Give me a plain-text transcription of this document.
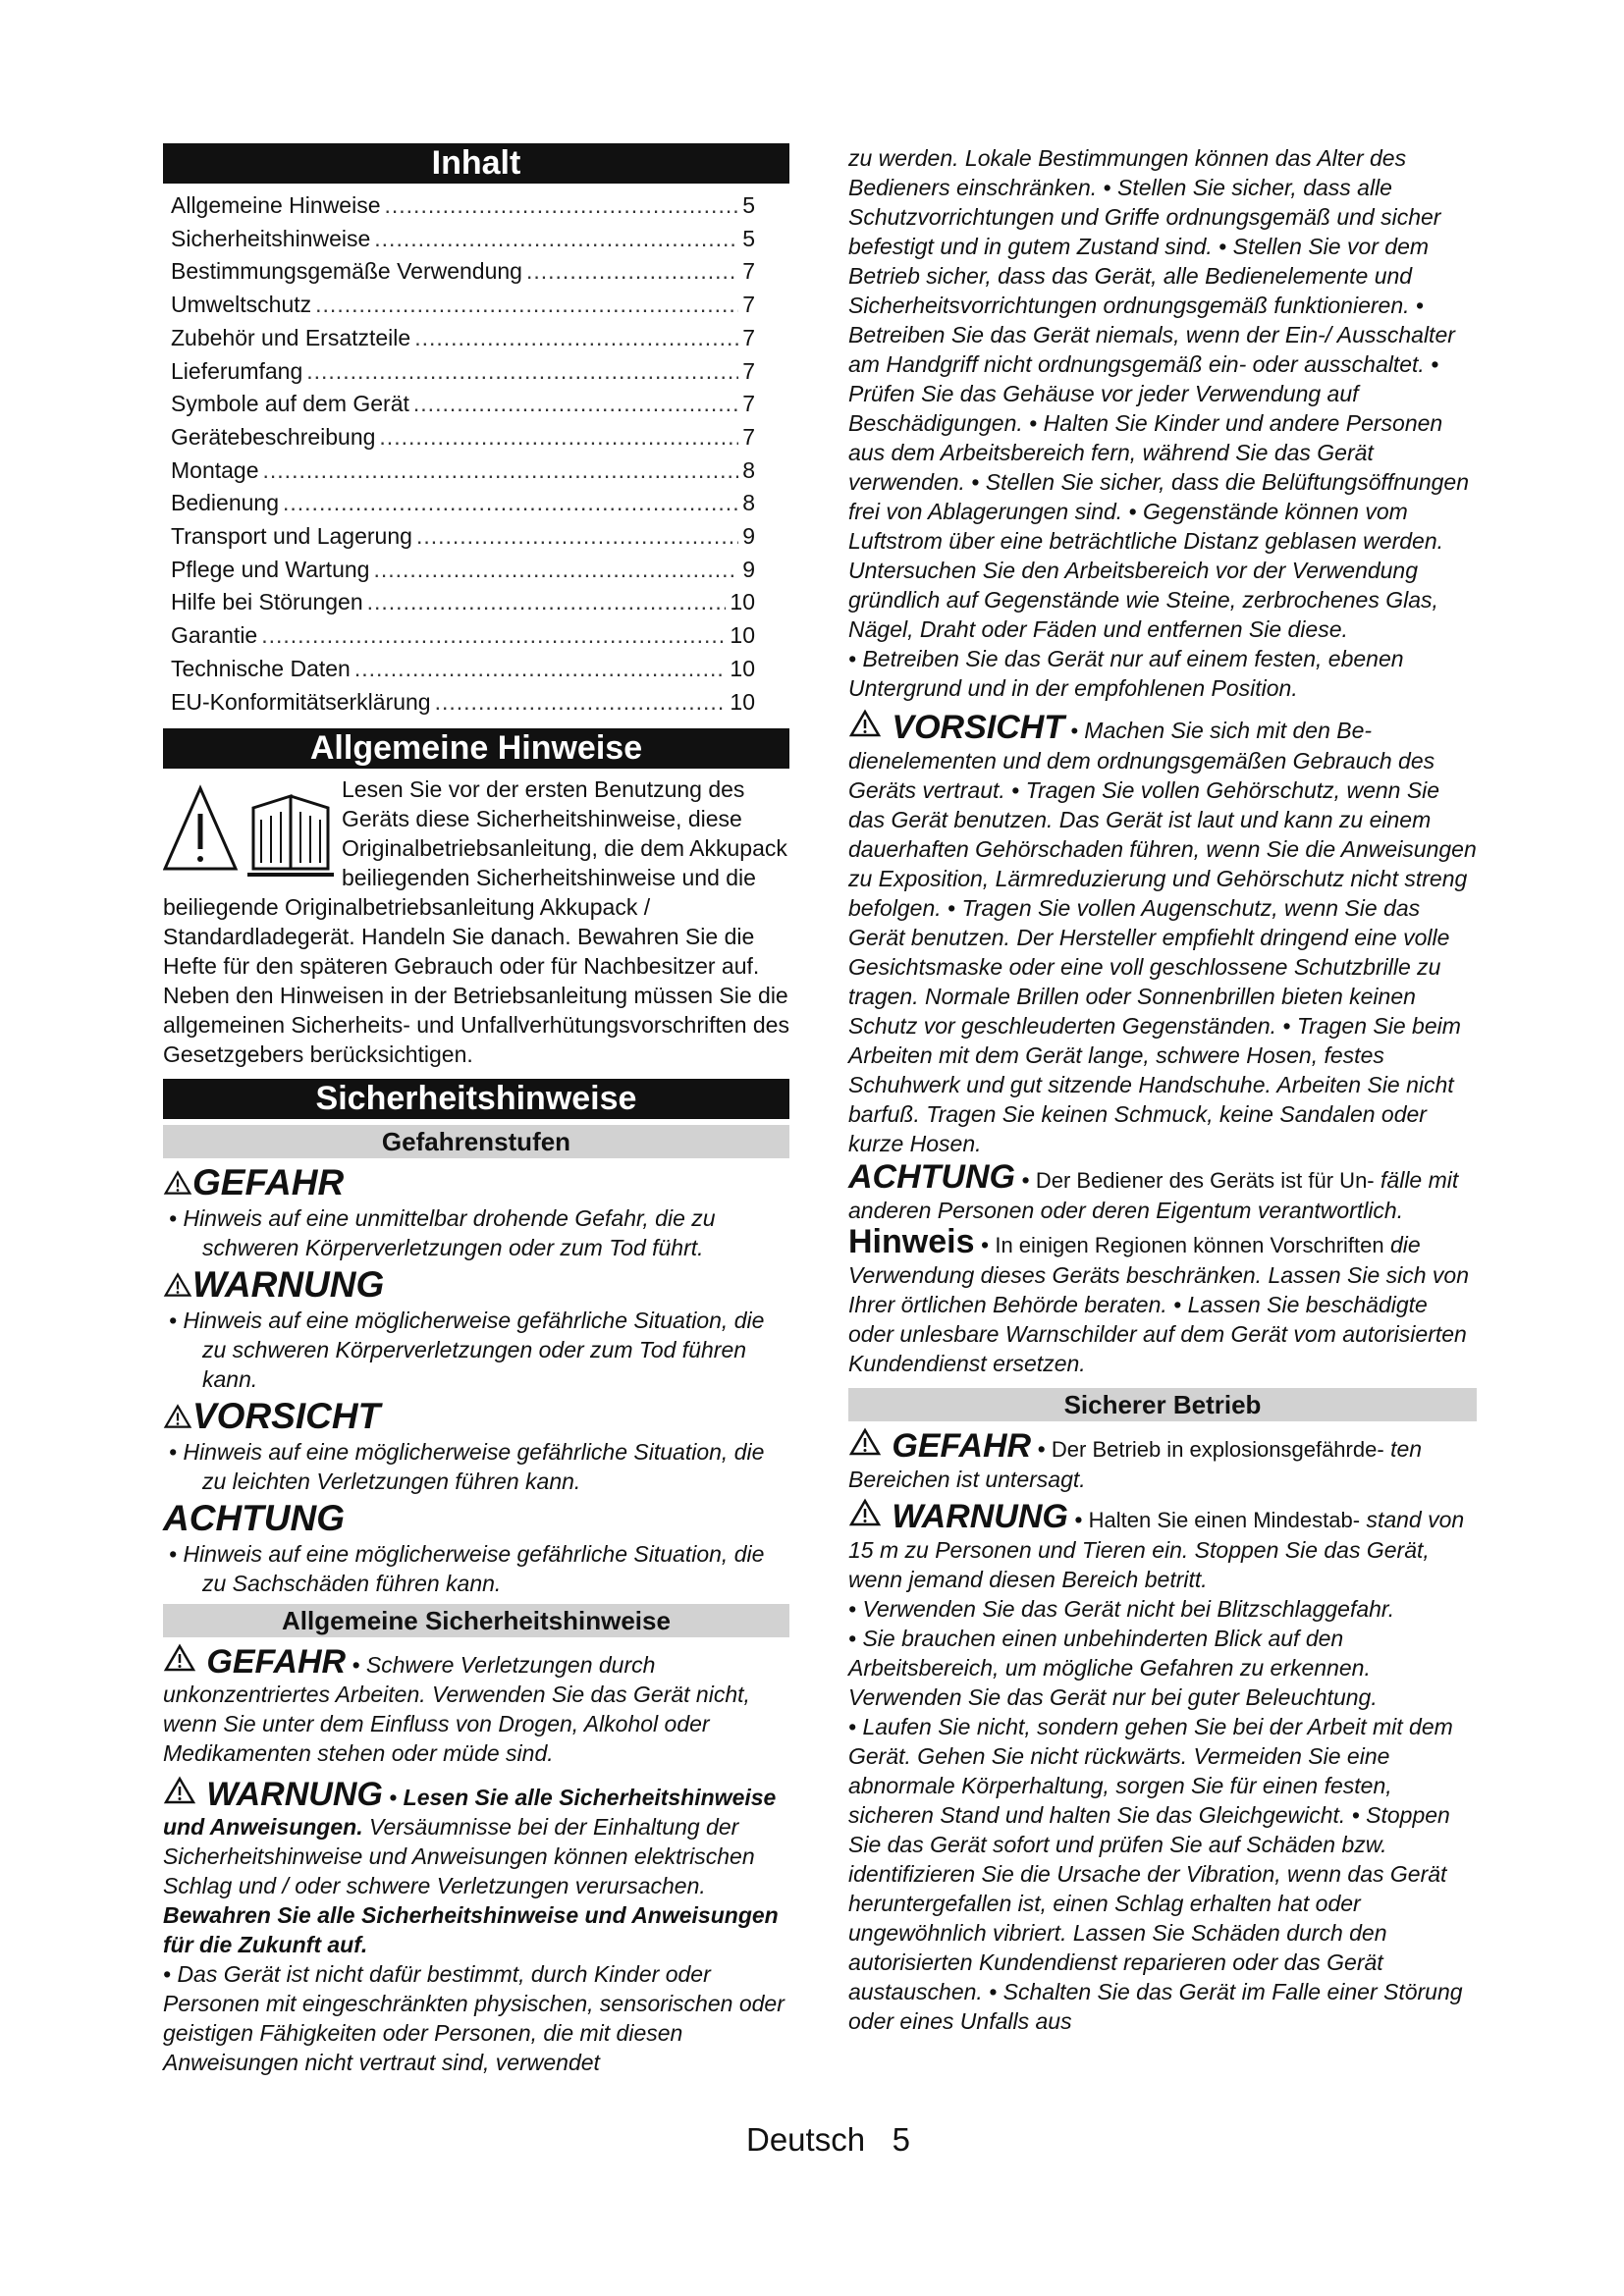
Inhalt
Allgemeine Hinweise .....	5
Sicherheitshinweise .....	5
Bestimmungsgemäße Verwendung .....	7
Umweltschutz .....	7
Zubehör und Ersatzteile .....	7
Lieferumfang .....	7
Symbole auf dem Gerät .....	7
Gerätebeschreibung .....	7
Montage .....	8
Bedienung .....	8
Transport und Lagerung .....	9
Pflege und Wartung .....	9
Hilfe bei Störungen .....	10
Garantie .....	10
Technische Daten .....	10
EU-Konformitätserklärung .....	10
Allgemeine Hinweise

Lesen Sie vor der ersten Benutzung des Geräts diese Sicherheitshinweise, diese Originalbetriebsanleitung, die dem Akkupack beiliegenden Sicherheitshinweise und die beiliegende Originalbetriebsanleitung Akkupack / Standardladegerät. Handeln Sie danach. Bewahren Sie die Hefte für den späteren Gebrauch oder für Nachbesitzer auf.

Neben den Hinweisen in der Betriebsanleitung müssen Sie die allgemeinen Sicherheits- und Unfallverhütungsvorschriften des Gesetzgebers berücksichtigen.

Sicherheitshinweise
Gefahrenstufen
GEFAHR

• Hinweis auf eine unmittelbar drohende Gefahr, die zu schweren Körperverletzungen oder zum Tod führt.

WARNUNG

• Hinweis auf eine möglicherweise gefährliche Situation, die zu schweren Körperverletzungen oder zum Tod führen kann.

VORSICHT

• Hinweis auf eine möglicherweise gefährliche Situation, die zu leichten Verletzungen führen kann.

ACHTUNG

• Hinweis auf eine möglicherweise gefährliche Situation, die zu Sachschäden führen kann.

Allgemeine Sicherheitshinweise

GEFAHR • Schwere Verletzungen durch unkonzentriertes Arbeiten. Verwenden Sie das Gerät nicht, wenn Sie unter dem Einfluss von Drogen, Alkohol oder Medikamenten stehen oder müde sind.

WARNUNG • Lesen Sie alle Sicherheitshinweise und Anweisungen. Versäumnisse bei der Einhaltung der Sicherheitshinweise und Anweisungen können elektrischen Schlag und / oder schwere Verletzungen verursachen. Bewahren Sie alle Sicherheitshinweise und Anweisungen für die Zukunft auf.

• Das Gerät ist nicht dafür bestimmt, durch Kinder oder Personen mit eingeschränkten physischen, sensorischen oder geistigen Fähigkeiten oder Personen, die mit diesen Anweisungen nicht vertraut sind, verwendet

zu werden. Lokale Bestimmungen können das Alter des Bedieners einschränken. • Stellen Sie sicher, dass alle Schutzvorrichtungen und Griffe ordnungsgemäß und sicher befestigt und in gutem Zustand sind. • Stellen Sie vor dem Betrieb sicher, dass das Gerät, alle Bedienelemente und Sicherheitsvorrichtungen ordnungsgemäß funktionieren. • Betreiben Sie das Gerät niemals, wenn der Ein-/ Ausschalter am Handgriff nicht ordnungsgemäß ein- oder ausschaltet. • Prüfen Sie das Gehäuse vor jeder Verwendung auf Beschädigungen. • Halten Sie Kinder und andere Personen aus dem Arbeitsbereich fern, während Sie das Gerät verwenden. • Stellen Sie sicher, dass die Belüftungsöffnungen frei von Ablagerungen sind. • Gegenstände können vom Luftstrom über eine beträchtliche Distanz geblasen werden. Untersuchen Sie den Arbeitsbereich vor der Verwendung gründlich auf Gegenstände wie Steine, zerbrochenes Glas, Nägel, Draht oder Fäden und entfernen Sie diese.

• Betreiben Sie das Gerät nur auf einem festen, ebenen Untergrund und in der empfohlenen Position.

VORSICHT • Machen Sie sich mit den Be- dienelementen und dem ordnungsgemäßen Gebrauch des Geräts vertraut. • Tragen Sie vollen Gehörschutz, wenn Sie das Gerät benutzen. Das Gerät ist laut und kann zu einem dauerhaften Gehörschaden führen, wenn Sie die Anweisungen zu Exposition, Lärmreduzierung und Gehörschutz nicht streng befolgen. • Tragen Sie vollen Augenschutz, wenn Sie das Gerät benutzen. Der Hersteller empfiehlt dringend eine volle Gesichtsmaske oder eine voll geschlossene Schutzbrille zu tragen. Normale Brillen oder Sonnenbrillen bieten keinen Schutz vor geschleuderten Gegenständen. • Tragen Sie beim Arbeiten mit dem Gerät lange, schwere Hosen, festes Schuhwerk und gut sitzende Handschuhe. Arbeiten Sie nicht barfuß. Tragen Sie keinen Schmuck, keine Sandalen oder kurze Hosen.

ACHTUNG • Der Bediener des Geräts ist für Un- fälle mit anderen Personen oder deren Eigentum verantwortlich.

Hinweis • In einigen Regionen können Vorschriften die Verwendung dieses Geräts beschränken. Lassen Sie sich von Ihrer örtlichen Behörde beraten. • Lassen Sie beschädigte oder unlesbare Warnschilder auf dem Gerät vom autorisierten Kundendienst ersetzen.

Sicherer Betrieb

GEFAHR • Der Betrieb in explosionsgefährde- ten Bereichen ist untersagt.

WARNUNG • Halten Sie einen Mindestab- stand von 15 m zu Personen und Tieren ein. Stoppen Sie das Gerät, wenn jemand diesen Bereich betritt.

• Verwenden Sie das Gerät nicht bei Blitzschlaggefahr.

• Sie brauchen einen unbehinderten Blick auf den Arbeitsbereich, um mögliche Gefahren zu erkennen. Verwenden Sie das Gerät nur bei guter Beleuchtung.

• Laufen Sie nicht, sondern gehen Sie bei der Arbeit mit dem Gerät. Gehen Sie nicht rückwärts. Vermeiden Sie eine abnormale Körperhaltung, sorgen Sie für einen festen, sicheren Stand und halten Sie das Gleichgewicht. • Stoppen Sie das Gerät sofort und prüfen Sie auf Schäden bzw. identifizieren Sie die Ursache der Vibration, wenn das Gerät heruntergefallen ist, einen Schlag erhalten hat oder ungewöhnlich vibriert. Lassen Sie Schäden durch den autorisierten Kundendienst reparieren oder das Gerät austauschen. • Schalten Sie das Gerät im Falle einer Störung oder eines Unfalls aus

Deutsch 5
